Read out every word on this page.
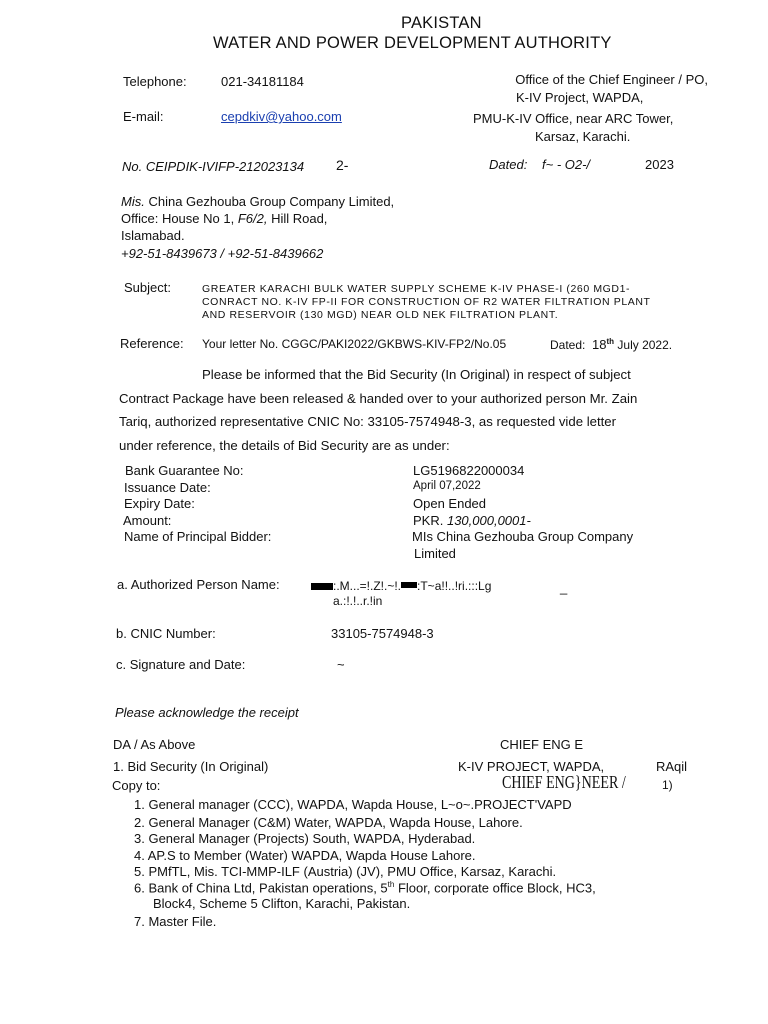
PAKISTAN
WATER AND POWER DEVELOPMENT AUTHORITY
Telephone:	021-34181184
E-mail:	cepdkiv@yahoo.com
Office of the Chief Engineer / PO,
K-IV Project, WAPDA,
PMU-K-IV Office, near ARC Tower,
Karsaz, Karachi.
No. CEIPDIK-IVIFP-212023134 2-	Dated: f~ - O2-/	2023
Mis. China Gezhouba Group Company Limited,
Office: House No 1, F6/2, Hill Road,
Islamabad.
+92-51-8439673 / +92-51-8439662
Subject:	GREATER KARACHI BULK WATER SUPPLY SCHEME K-IV PHASE-I (260 MGD1-
CONRACT NO. K-IV FP-II FOR CONSTRUCTION OF R2 WATER FILTRATION PLANT
AND RESERVOIR (130 MGD) NEAR OLD NEK FILTRATION PLANT.
Reference: Your letter No. CGGC/PAKI2022/GKBWS-KIV-FP2/No.05	Dated: 18th July 2022.
Please be informed that the Bid Security (In Original) in respect of subject
Contract Package have been released & handed over to your authorized person Mr. Zain
Tariq, authorized representative CNIC No: 33105-7574948-3, as requested vide letter
under reference, the details of Bid Security are as under:
Bank Guarantee No:	LG5196822000034
Issuance Date:	April 07,2022
Expiry Date:	Open Ended
Amount:	PKR. 130,000,0001-
Name of Principal Bidder:	MIs China Gezhouba Group Company
Limited
a. Authorized Person Name:	:.M...=!.Z!.~!. :T~a!!..!ri.:::Lg	_
a.:!.!..r.!in
b. CNIC Number:	33105-7574948-3
c. Signature and Date:	~
Please acknowledge the receipt
DA / As Above
1. Bid Security (In Original)
Copy to:
CHIEF ENG E
K-IV PROJECT, WAPDA,	RAqil
CHIEF ENG}NEER /	1)
1. General manager (CCC), WAPDA, Wapda House, L~o~.PROJECT'VAPD
2. General Manager (C&M) Water, WAPDA, Wapda House, Lahore.
3. General Manager (Projects) South, WAPDA, Hyderabad.
4. AP.S to Member (Water) WAPDA, Wapda House Lahore.
5. PMfTL, Mis. TCI-MMP-ILF (Austria) (JV), PMU Office, Karsaz, Karachi.
6. Bank of China Ltd, Pakistan operations, 5th Floor, corporate office Block, HC3,
Block4, Scheme 5 Clifton, Karachi, Pakistan.
7. Master File.
